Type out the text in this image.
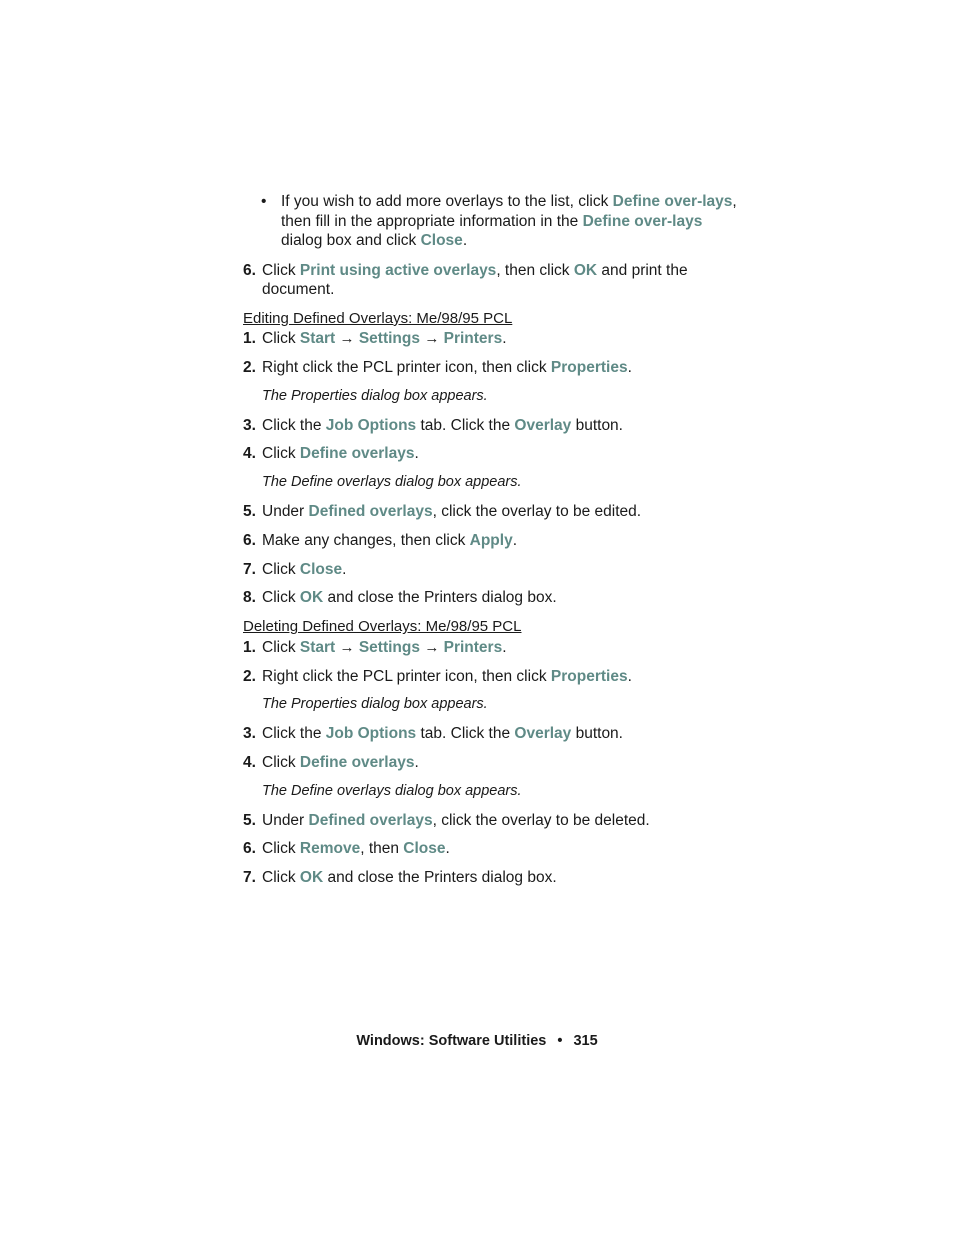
• If you wish to add more overlays to the list, click Define over-lays, then fill in the appropriate information in the Define over-lays dialog box and click Close.
6. Click Print using active overlays, then click OK and print the document.
Editing Defined Overlays: Me/98/95 PCL
1. Click Start → Settings → Printers.
2. Right click the PCL printer icon, then click Properties.
The Properties dialog box appears.
3. Click the Job Options tab. Click the Overlay button.
4. Click Define overlays.
The Define overlays dialog box appears.
5. Under Defined overlays, click the overlay to be edited.
6. Make any changes, then click Apply.
7. Click Close.
8. Click OK and close the Printers dialog box.
Deleting Defined Overlays: Me/98/95 PCL
1. Click Start → Settings → Printers.
2. Right click the PCL printer icon, then click Properties.
The Properties dialog box appears.
3. Click the Job Options tab. Click the Overlay button.
4. Click Define overlays.
The Define overlays dialog box appears.
5. Under Defined overlays, click the overlay to be deleted.
6. Click Remove, then Close.
7. Click OK and close the Printers dialog box.
Windows: Software Utilities • 315
